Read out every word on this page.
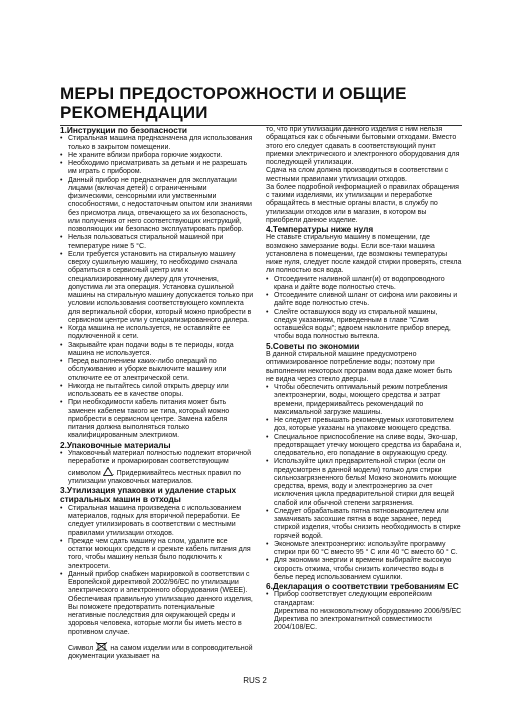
МЕРЫ ПРЕДОСТОРОЖНОСТИ И ОБЩИЕ РЕКОМЕНДАЦИИ

1.Инструкции по безопасности

• Стиральная машина предназначена для использования только в закрытом помещении.
• Не храните вблизи прибора горючие жидкости.
• Необходимо присматривать за детьми и не разрешать им играть с прибором.
• Данный прибор не предназначен для эксплуатации лицами (включая детей) с ограниченными физическими, сенсорными или умственными способностями, с недостаточным опытом или знаниями без присмотра лица, отвечающего за их безопасность, или получения от него соответствующих инструкций, позволяющих им безопасно эксплуатировать прибор.
• Нельзя пользоваться стиральной машиной при температуре ниже 5 °C.
• Если требуется установить на стиральную машину сверху сушильную машину, то необходимо сначала обратиться в сервисный центр или к специализированному дилеру для уточнения, допустима ли эта операция. Установка сушильной машины на стиральную машину допускается только при условии использования соответствующего комплекта для вертикальной сборки, который можно приобрести в сервисном центре или у специализированного дилера.
• Когда машина не используется, не оставляйте ее подключенной к сети.
• Закрывайте кран подачи воды в те периоды, когда машина не используется.
• Перед выполнением каких-либо операций по обслуживанию и уборке выключите машину или отключите ее от электрической сети.
• Никогда не пытайтесь силой открыть дверцу или использовать ее в качестве опоры.
• При необходимости кабель питания может быть заменен кабелем такого же типа, который можно приобрести в сервисном центре. Замена кабеля питания должна выполняться только квалифицированным электриком.

2.Упаковочные материалы

• Упаковочный материал полностью подлежит вторичной переработке и промаркирован соответствующим символом . Придерживайтесь местных правил по утилизации упаковочных материалов.

3.Утилизация упаковки и удаление старых стиральных машин в отходы

• Стиральная машина произведена с использованием материалов, годных для вторичной переработки. Ее следует утилизировать в соответствии с местными правилами утилизации отходов.
• Прежде чем сдать машину на слом, удалите все остатки моющих средств и срежьте кабель питания для того, чтобы машину нельзя было подключить к электросети.
• Данный прибор снабжен маркировкой в соответствии с Европейской директивой 2002/96/EC по утилизации электрического и электронного оборудования (WEEE).

Обеспечивая правильную утилизацию данного изделия, Вы поможете предотвратить потенциальные негативные последствия для окружающей среды и здоровья человека, которые могли бы иметь место в противном случае.

Символ на самом изделии или в сопроводительной документации указывает на

то, что при утилизации данного изделия с ним нельзя обращаться как с обычными бытовыми отходами. Вместо этого его следует сдавать в соответствующий пункт приемки электрического и электронного оборудования для последующей утилизации.

Сдача на слом должна производиться в соответствии с местными правилами утилизации отходов.

За более подробной информацией о правилах обращения с такими изделиями, их утилизации и переработке обращайтесь в местные органы власти, в службу по утилизации отходов или в магазин, в котором вы приобрели данное изделие.

4.Температуры ниже нуля

Не ставьте стиральную машину в помещении, где возможно замерзание воды. Если все-таки машина установлена в помещении, где возможны температуры ниже нуля, следует после каждой стирки проверять, стекла ли полностью вся вода.

• Отсоедините наливной шланг(и) от водопроводного крана и дайте воде полностью стечь.
• Отсоедините сливной шланг от сифона или раковины и дайте воде полностью стечь.
• Слейте оставшуюся воду из стиральной машины, следуя указаниям, приведенным в главе "Слив оставшейся воды"; вдвоем наклоните прибор вперед, чтобы вода полностью вытекла.

5.Советы по экономии

В данной стиральной машине предусмотрено оптимизированное потребление воды; поэтому при выполнении некоторых программ вода даже может быть не видна через стекло дверцы.

• Чтобы обеспечить оптимальный режим потребления электроэнергии, воды, моющего средства и затрат времени, придерживайтесь рекомендаций по максимальной загрузке машины.
• Не следует превышать рекомендуемых изготовителем доз, которые указаны на упаковке моющего средства.
• Специальное приспособление на сливе воды, Эко-шар, предотвращает утечку моющего средства из барабана и, следовательно, его попадание в окружающую среду.
• Используйте цикл предварительной стирки (если он предусмотрен в данной модели) только для стирки сильнозагрязненного белья! Можно экономить моющие средства, время, воду и электроэнергию за счет исключения цикла предварительной стирки для вещей слабой или обычной степени загрязнения.
• Следует обрабатывать пятна пятновыводителем или замачивать засохшие пятна в воде заранее, перед стиркой изделия, чтобы снизить необходимость в стирке горячей водой.
• Экономьте электроэнергию: используйте программу стирки при 60 °C вместо 95 ° C или 40 °C вместо 60 ° C.
• Для экономии энергии и времени выбирайте высокую скорость отжима, чтобы снизить количество воды в белье перед использованием сушилки.

6.Декларация о соответствии требованиям ЕС

• Прибор соответствует следующим европейским стандартам:

Директива по низковольтному оборудованию 2006/95/EC

Директива по электромагнитной совместимости 2004/108/EC.

RUS 2
